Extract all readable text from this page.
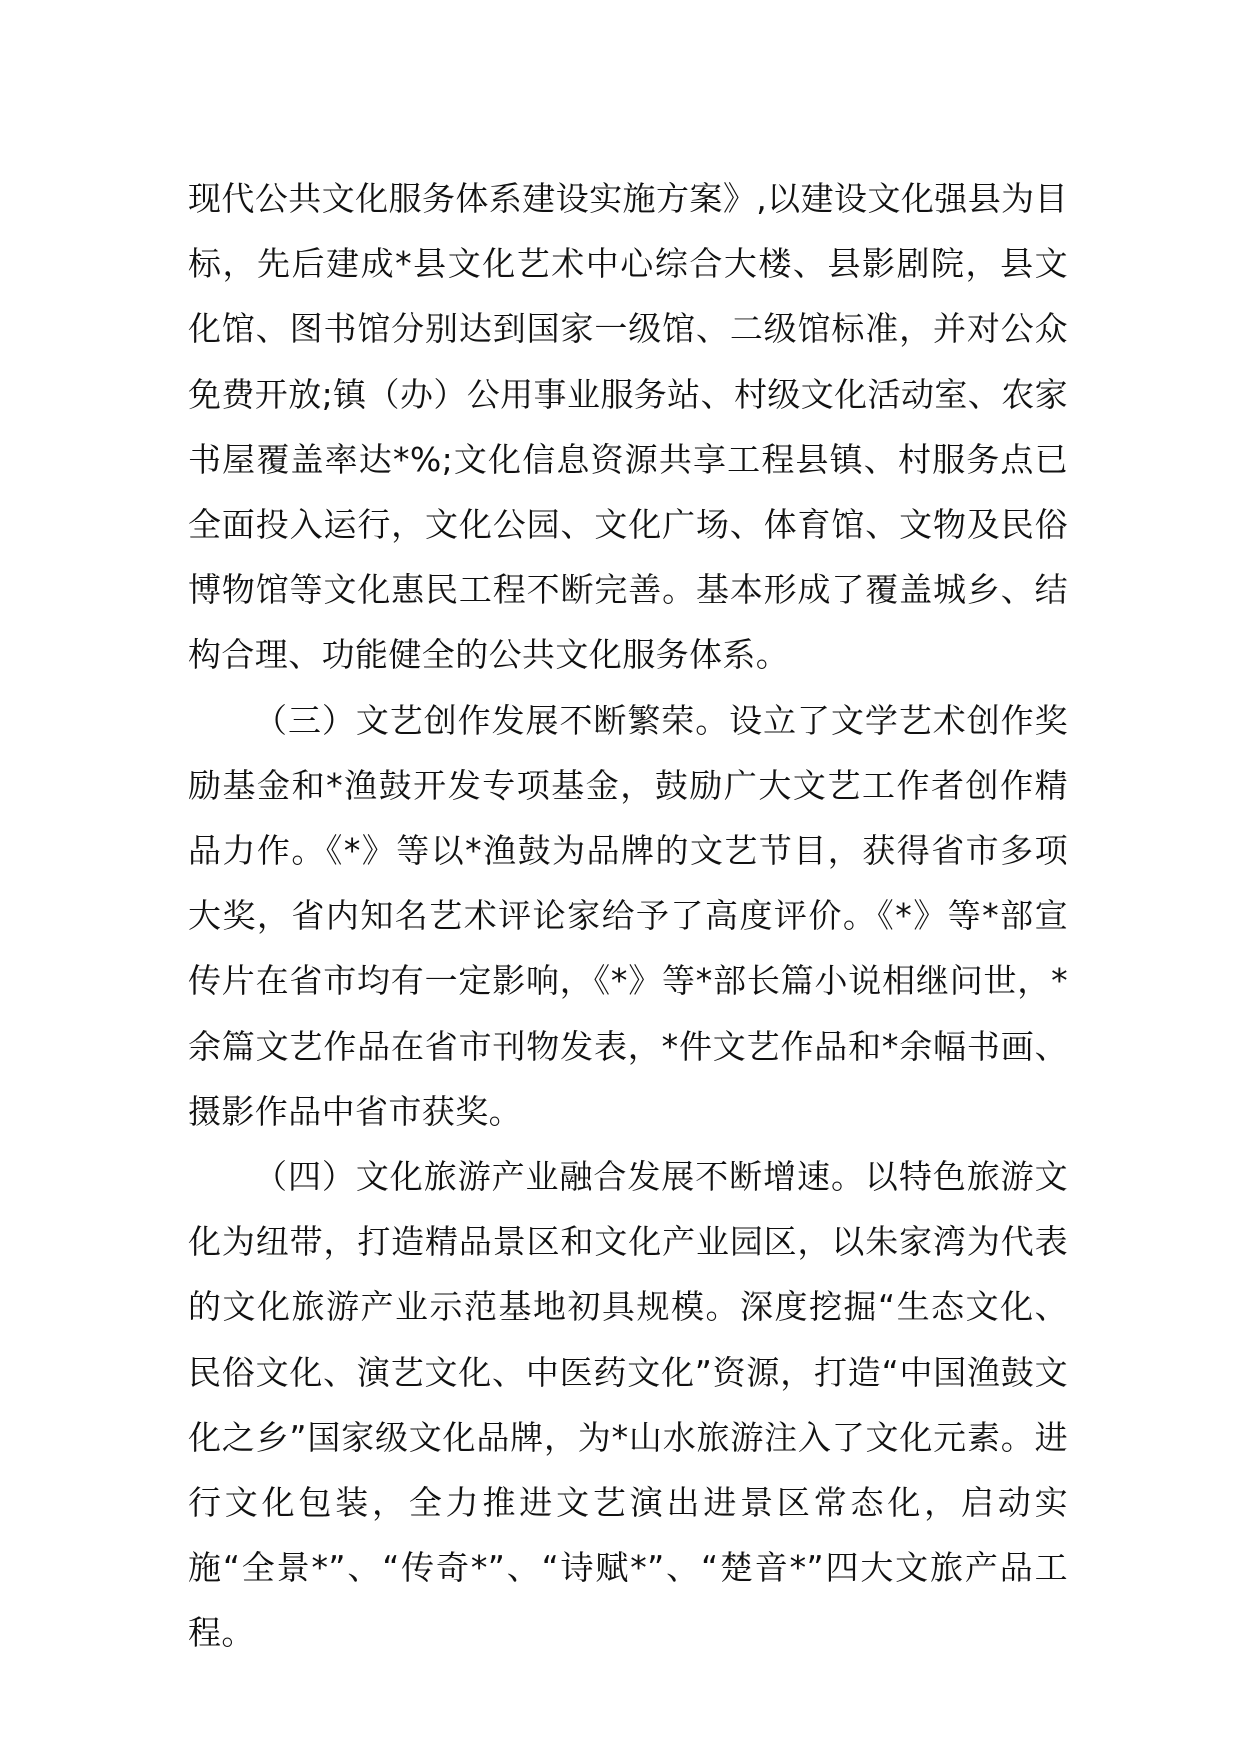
现代公共文化服务体系建设实施方案》,以建设文化强县为目标，先后建成*县文化艺术中心综合大楼、县影剧院，县文化馆、图书馆分别达到国家一级馆、二级馆标准，并对公众免费开放;镇（办）公用事业服务站、村级文化活动室、农家书屋覆盖率达*%;文化信息资源共享工程县镇、村服务点已全面投入运行，文化公园、文化广场、体育馆、文物及民俗博物馆等文化惠民工程不断完善。基本形成了覆盖城乡、结构合理、功能健全的公共文化服务体系。

（三）文艺创作发展不断繁荣。设立了文学艺术创作奖励基金和*渔鼓开发专项基金，鼓励广大文艺工作者创作精品力作。《*》等以*渔鼓为品牌的文艺节目，获得省市多项大奖，省内知名艺术评论家给予了高度评价。《*》等*部宣传片在省市均有一定影响，《*》等*部长篇小说相继问世，*余篇文艺作品在省市刊物发表，*件文艺作品和*余幅书画、摄影作品中省市获奖。

（四）文化旅游产业融合发展不断增速。以特色旅游文化为纽带，打造精品景区和文化产业园区，以朱家湾为代表的文化旅游产业示范基地初具规模。深度挖掘“生态文化、民俗文化、演艺文化、中医药文化”资源，打造“中国渔鼓文化之乡”国家级文化品牌，为*山水旅游注入了文化元素。进行文化包装，全力推进文艺演出进景区常态化，启动实施“全景*”、“传奇*”、“诗赋*”、“楚音*”四大文旅产品工程。
